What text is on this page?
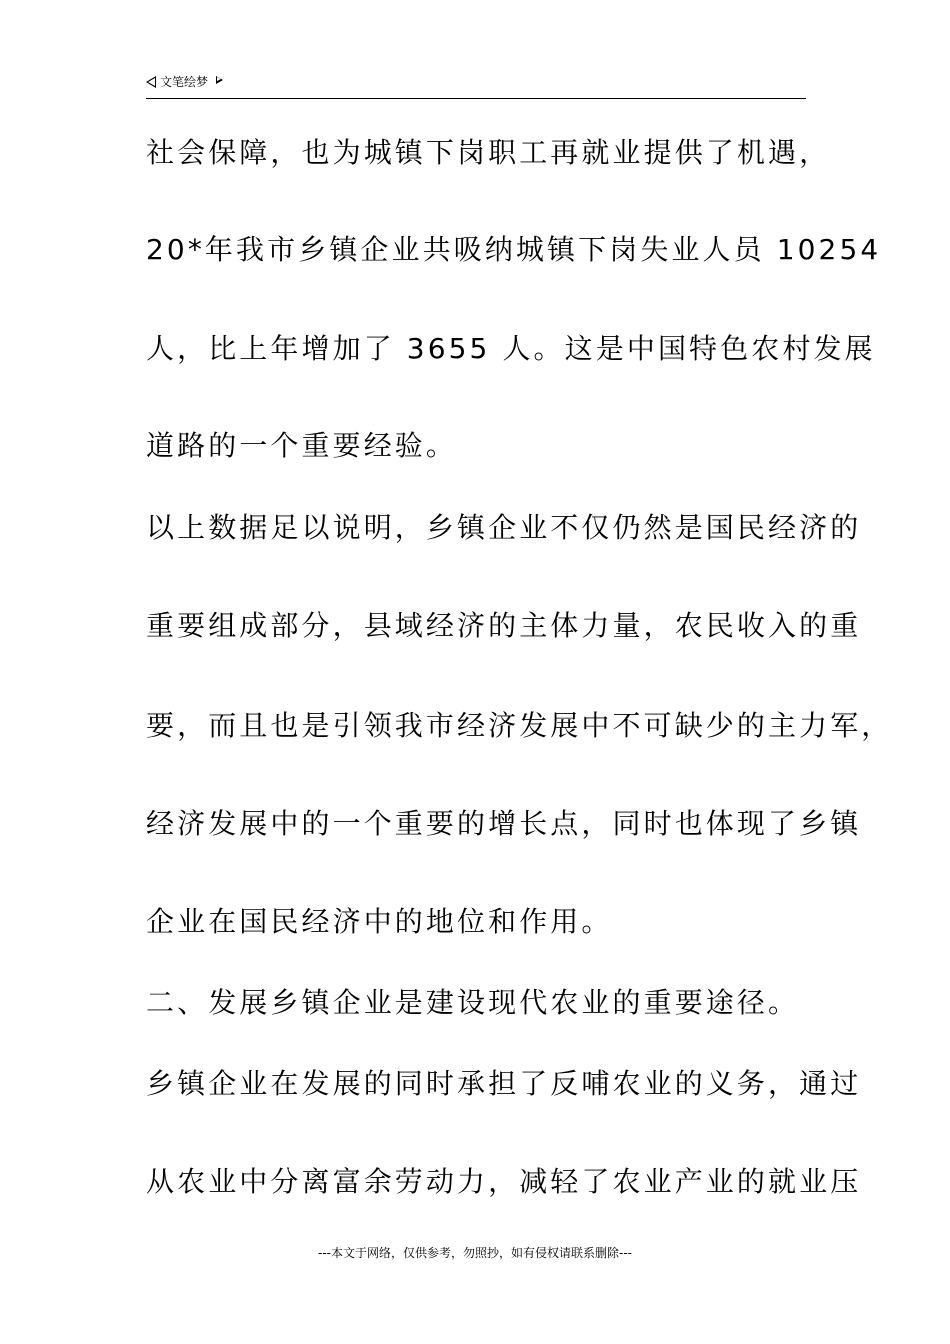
文笔绘梦

社会保障，也为城镇下岗职工再就业提供了机遇，

20*年我市乡镇企业共吸纳城镇下岗失业人员 10254

人，比上年增加了 3655 人。这是中国特色农村发展

道路的一个重要经验。

以上数据足以说明，乡镇企业不仅仍然是国民经济的

重要组成部分，县域经济的主体力量，农民收入的重

要，而且也是引领我市经济发展中不可缺少的主力军，

经济发展中的一个重要的增长点，同时也体现了乡镇

企业在国民经济中的地位和作用。

二、发展乡镇企业是建设现代农业的重要途径。

乡镇企业在发展的同时承担了反哺农业的义务，通过

从农业中分离富余劳动力，减轻了农业产业的就业压

---本文于网络，仅供参考，勿照抄，如有侵权请联系删除---
